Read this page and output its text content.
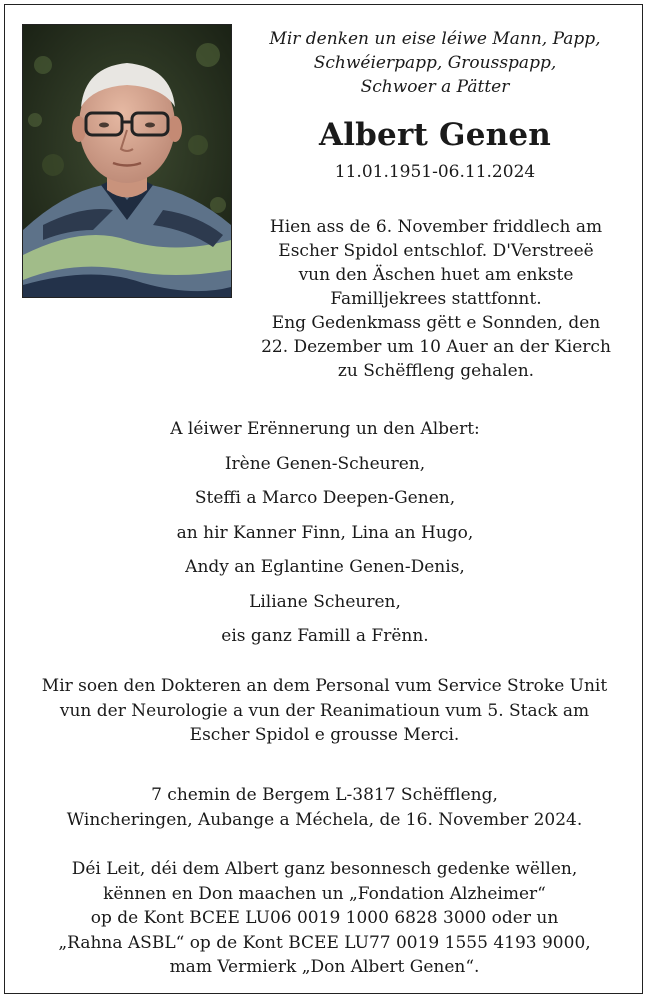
Mir denken un eise léiwe Mann, Papp,
Schwéierpapp, Grousspapp,
Schwoer a Pätter
Albert Genen
11.01.1951-06.11.2024
Hien ass de 6. November friddlech am
Escher Spidol entschlof. D'Verstreeë
vun den Äschen huet am enkste
Familljekrees stattfonnt.
Eng Gedenkmass gëtt e Sonnden, den
22. Dezember um 10 Auer an der Kierch
zu Schëffleng gehalen.
A léiwer Erënnerung un den Albert:
Irène Genen-Scheuren,
Steffi a Marco Deepen-Genen,
an hir Kanner Finn, Lina an Hugo,
Andy an Eglantine Genen-Denis,
Liliane Scheuren,
eis ganz Famill a Frënn.
Mir soen den Dokteren an dem Personal vum Service Stroke Unit
vun der Neurologie a vun der Reanimatioun vum 5. Stack am
Escher Spidol e grousse Merci.
7 chemin de Bergem L-3817 Schëffleng,
Wincheringen, Aubange a Méchela, de 16. November 2024.
Déi Leit, déi dem Albert ganz besonnesch gedenke wëllen,
kënnen en Don maachen un „Fondation Alzheimer“
op de Kont BCEE LU06 0019 1000 6828 3000 oder un
„Rahna ASBL“ op de Kont BCEE LU77 0019 1555 4193 9000,
mam Vermierk „Don Albert Genen“.
